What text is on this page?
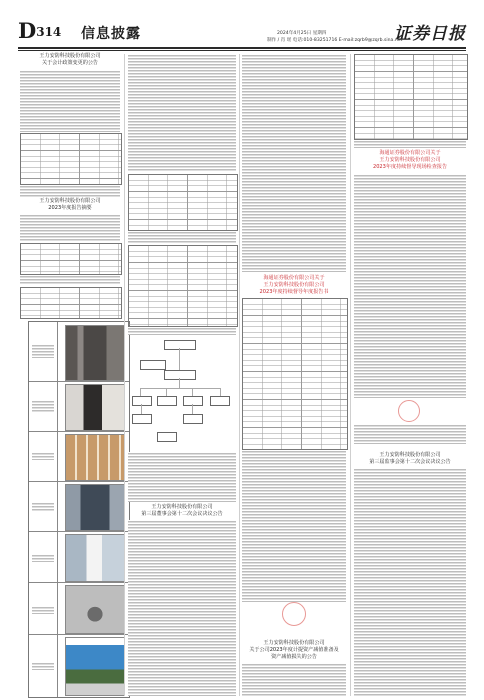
D314 信息披露	2024年4月25日 星期四
制作 / 肖 瑶 电话:010-83251716 E-mail:zqrb9@zqrb.sina.net
证券日报
王力安防科技股份有限公司
关于会计政策变更的公告
王力安防科技股份有限公司
2023年度报告摘要
王力安防科技股份有限公司
第三届董事会第十二次会议决议公告
海通证券股份有限公司关于
王力安防科技股份有限公司
2023年度持续督导年度报告书
王力安防科技股份有限公司
关于公司2023年度计提资产减值准备及
资产减值损失的公告
海通证券股份有限公司关于
王力安防科技股份有限公司
2023年度持续督导现场检查报告
王力安防科技股份有限公司
第三届监事会第十二次会议决议公告
